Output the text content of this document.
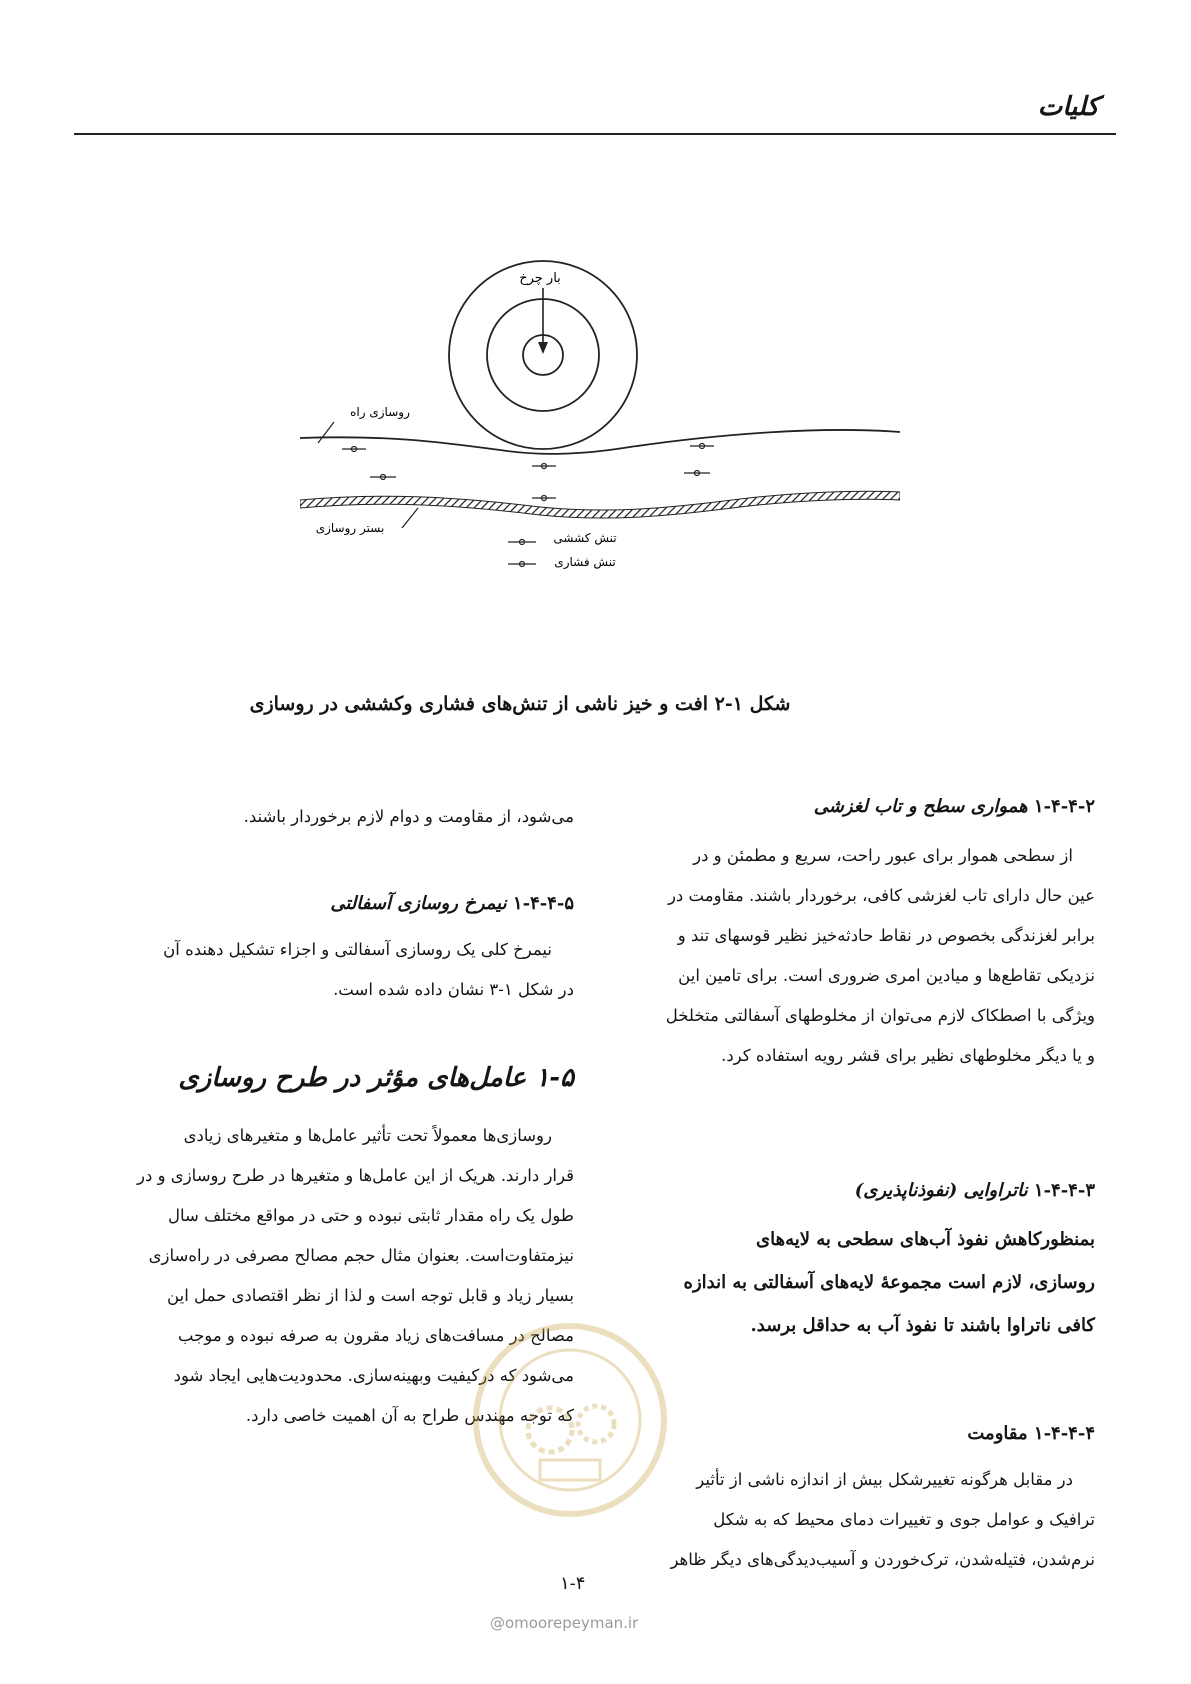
کلیات
بار چرخ
روسازی راه
بستر روسازی
تنش کششی
تنش فشاری
شکل ۱-۲ افت و خیز ناشی از تنش‌های فشاری وکششی در روسازی
۱-۴-۴-۲ همواری سطح و تاب لغزشی
از سطحی هموار برای عبور راحت، سریع و مطمئن و در
عین حال دارای تاب لغزشی کافی، برخوردار باشند. مقاومت در
برابر لغزندگی بخصوص در نقاط حادثه‌خیز نظیر قوسهای تند و
نزدیکی تقاطع‌ها و میادین امری ضروری است. برای تامین این
ویژگی با اصطکاک لازم می‌توان از مخلوطهای آسفالتی متخلخل
و یا دیگر مخلوطهای نظیر برای قشر رویه استفاده کرد.
۱-۴-۴-۳ ناتراوایی (نفوذناپذیری)
بمنظورکاهش نفوذ آب‌های سطحی به لایه‌های
روسازی، لازم است مجموعهٔ لایه‌های آسفالتی به اندازه
کافی ناتراوا باشند تا نفوذ آب به حداقل برسد.
۱-۴-۴-۴ مقاومت
در مقابل هرگونه تغییرشکل بیش از اندازه ناشی از تأثیر
ترافیک و عوامل جوی و تغییرات دمای محیط که به شکل
نرم‌شدن، فتیله‌شدن، ترک‌خوردن و آسیب‌دیدگی‌های دیگر ظاهر
می‌شود، از مقاومت و دوام لازم برخوردار باشند.
۱-۴-۴-۵ نیمرخ روسازی آسفالتی
نیمرخ کلی یک روسازی آسفالتی و اجزاء تشکیل دهنده آن
در شکل ۱-۳ نشان داده شده است.
۱-۵ عامل‌های مؤثر در طرح روسازی
روسازی‌ها معمولاً تحت تأثیر عامل‌ها و متغیرهای زیادی
قرار دارند. هریک از این عامل‌ها و متغیرها در طرح روسازی و در
طول یک راه مقدار ثابتی نبوده و حتی در مواقع مختلف سال
نیزمتفاوت‌است. بعنوان مثال حجم مصالح مصرفی در راه‌سازی
بسیار زیاد و قابل توجه است و لذا از نظر اقتصادی حمل این
مصالح در مسافت‌های زیاد مقرون به صرفه نبوده و موجب
می‌شود که درکیفیت وبهینه‌سازی. محدودیت‌هایی ایجاد شود
که توجه مهندس طراح به آن اهمیت خاصی دارد.
۱-۴
@omoorepeyman.ir
